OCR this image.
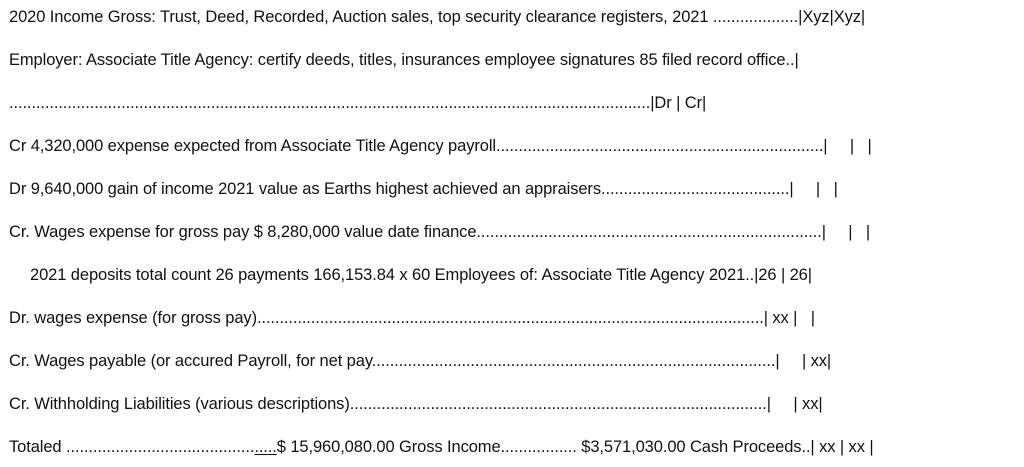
2020 Income Gross: Trust, Deed, Recorded, Auction sales, top security clearance registers, 2021 ...................|Xyz|Xyz|
Employer: Associate Title Agency: certify deeds, titles, insurances employee signatures 85 filed record office..|
...............................................................................................................................................|Dr | Cr|
Cr 4,320,000 expense expected from Associate Title Agency payroll.........................................................................|     |   |
Dr 9,640,000 gain of income 2021 value as Earths highest achieved an appraisers..........................................|     |   |
Cr. Wages expense for gross pay $ 8,280,000 value date finance.............................................................................|     |   |
2021 deposits total count 26 payments 166,153.84 x 60 Employees of: Associate Title Agency 2021..|26 | 26|
Dr. wages expense (for gross pay).................................................................................................................| xx |   |
Cr. Wages payable (or accured Payroll, for net pay..........................................................................................|     | xx|
Cr. Withholding Liabilities (various descriptions).............................................................................................|     | xx|
Totaled ...............................................$ 15,960,080.00 Gross Income................. $3,571,030.00 Cash Proceeds..| xx | xx |
